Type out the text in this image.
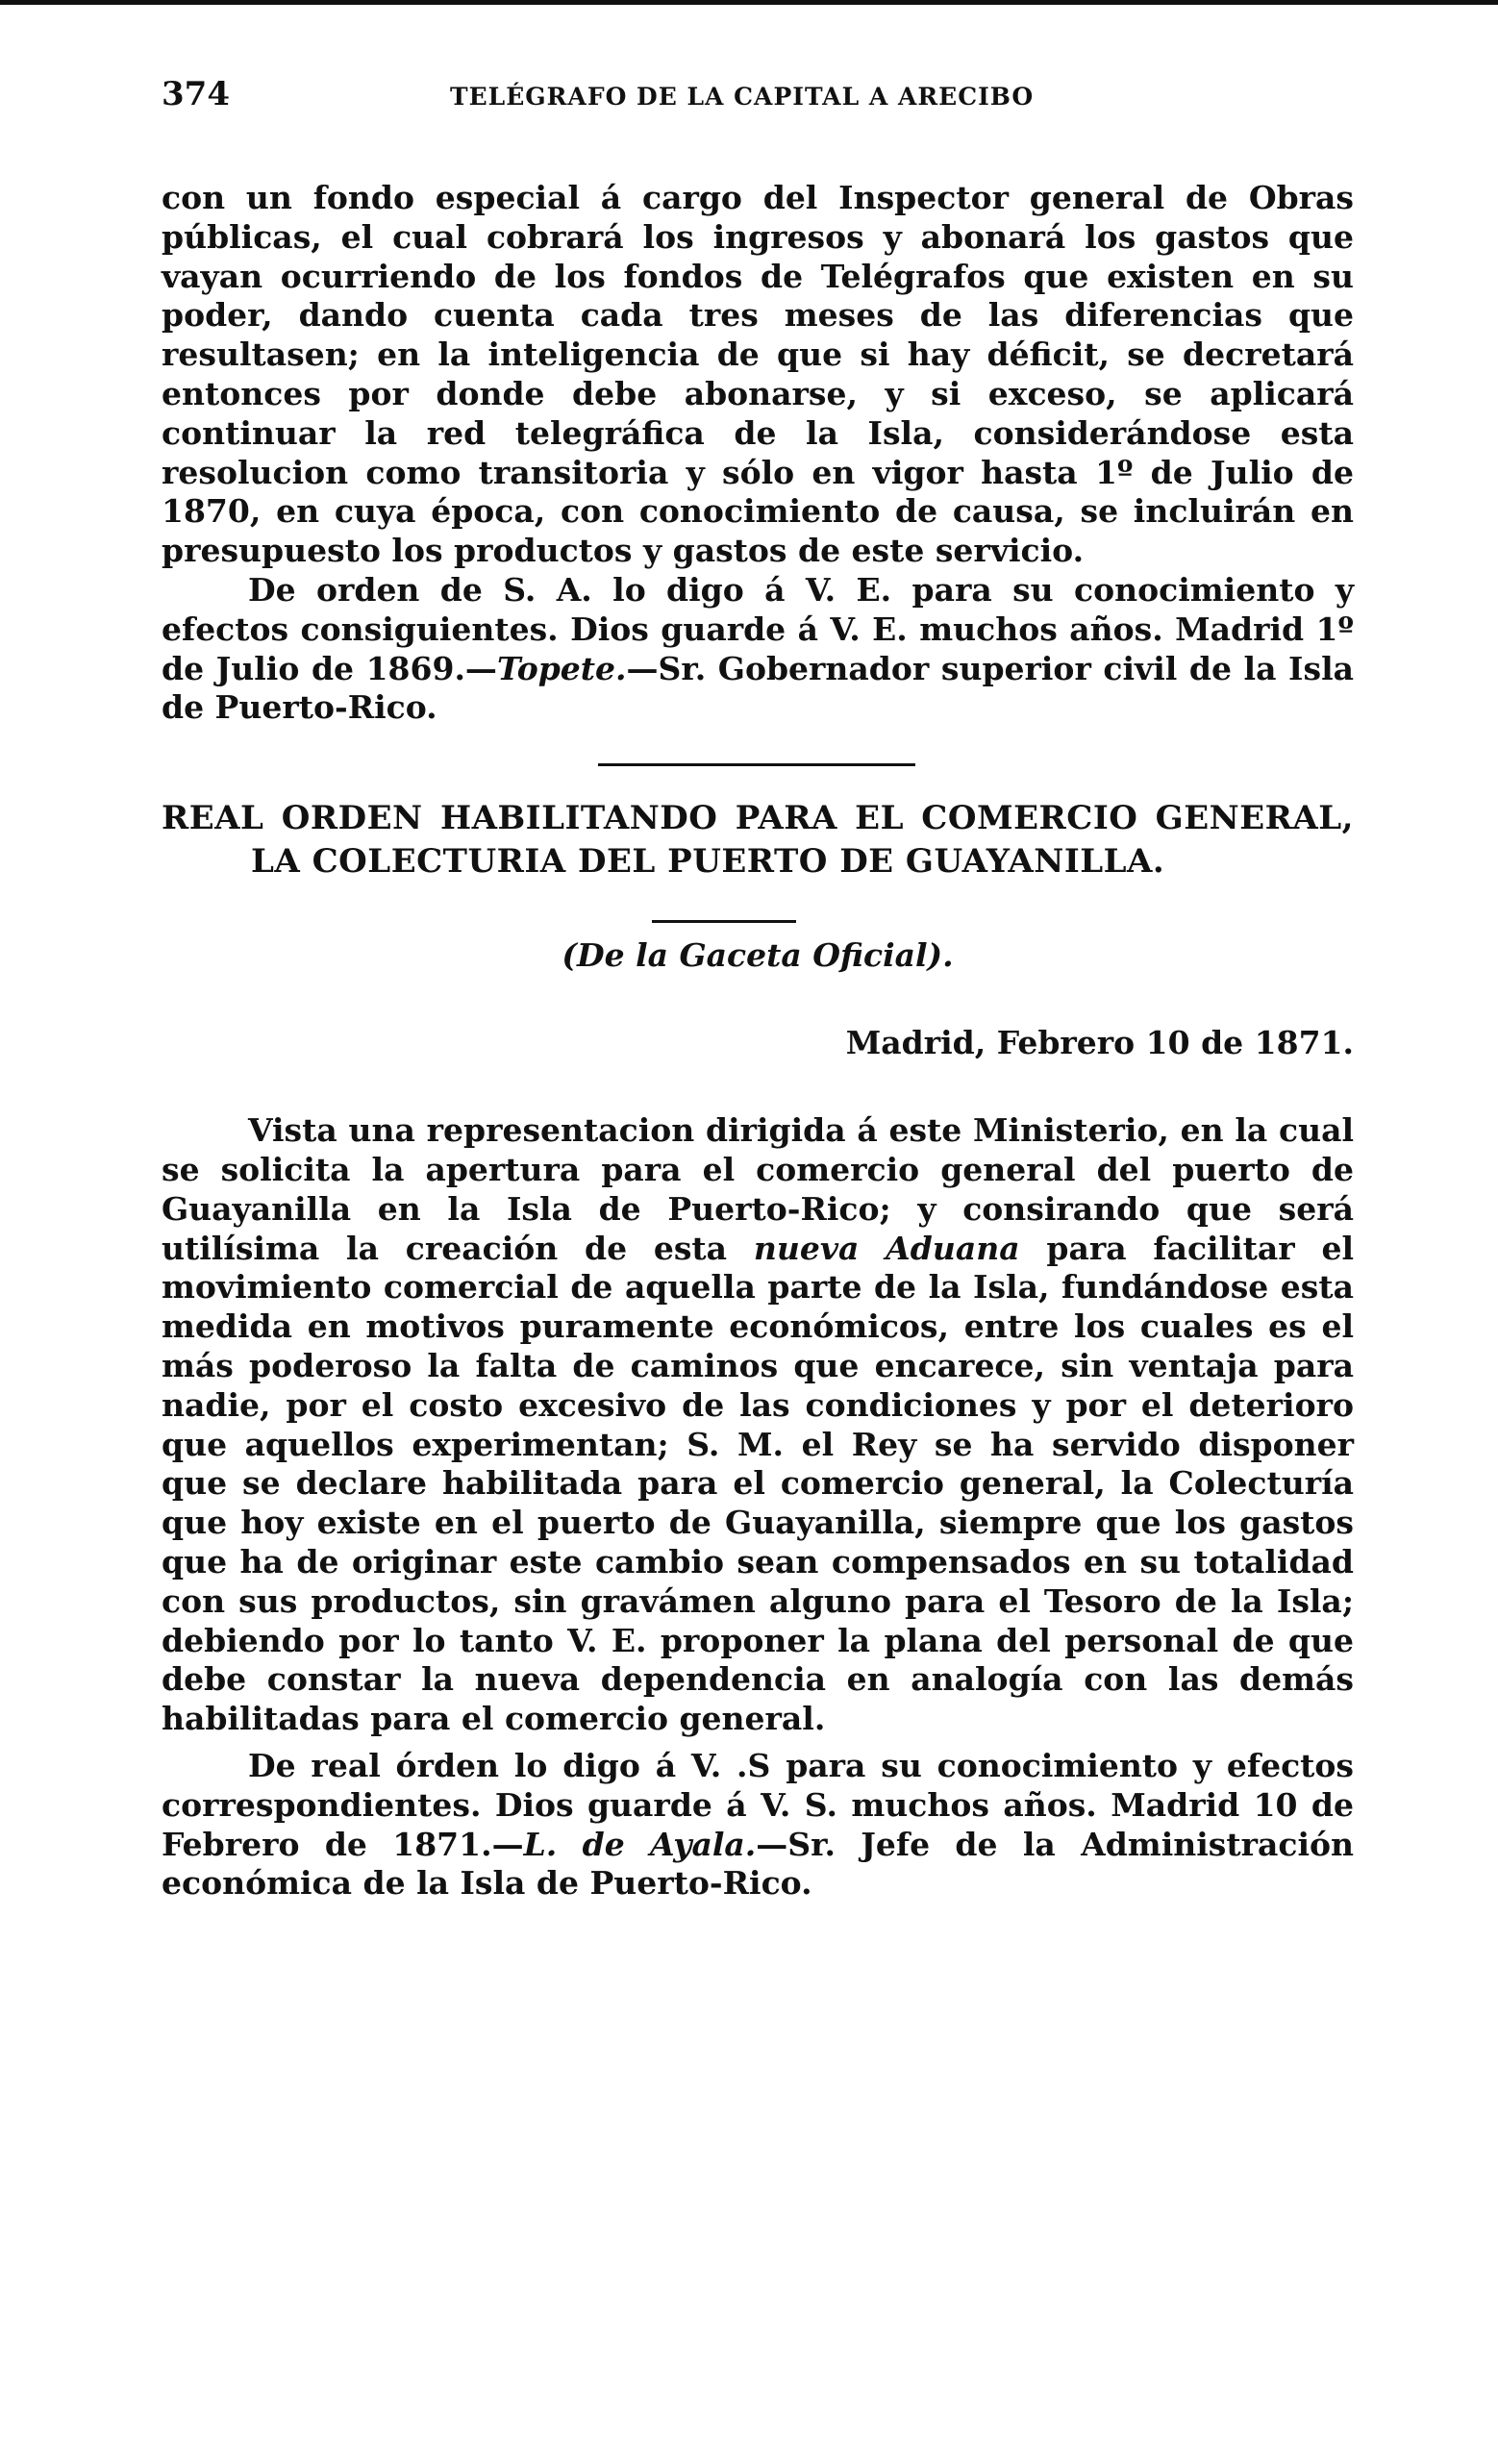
374	TELÉGRAFO DE LA CAPITAL A ARECIBO

con un fondo especial á cargo del Inspector general de Obras públicas, el cual cobrará los ingresos y abonará los gastos que vayan ocurriendo de los fondos de Telégrafos que existen en su poder, dando cuenta cada tres meses de las diferencias que resultasen; en la inteligencia de que si hay déficit, se decretará entonces por donde debe abonarse, y si exceso, se aplicará continuar la red telegráfica de la Isla, considerándose esta resolucion como transitoria y sólo en vigor hasta 1º de Julio de 1870, en cuya época, con conocimiento de causa, se incluirán en presupuesto los productos y gastos de este servicio.

De orden de S. A. lo digo á V. E. para su conocimiento y efectos consiguientes. Dios guarde á V. E. muchos años. Madrid 1º de Julio de 1869.—Topete.—Sr. Gobernador superior civil de la Isla de Puerto-Rico.

REAL ORDEN HABILITANDO PARA EL COMERCIO GENERAL, LA COLECTURIA DEL PUERTO DE GUAYANILLA.
(De la Gaceta Oficial).
Madrid, Febrero 10 de 1871.

Vista una representacion dirigida á este Ministerio, en la cual se solicita la apertura para el comercio general del puerto de Guayanilla en la Isla de Puerto-Rico; y consirando que será utilísima la creación de esta nueva Aduana para facilitar el movimiento comercial de aquella parte de la Isla, fundándose esta medida en motivos puramente económicos, entre los cuales es el más poderoso la falta de caminos que encarece, sin ventaja para nadie, por el costo excesivo de las condiciones y por el deterioro que aquellos experimentan; S. M. el Rey se ha servido disponer que se declare habilitada para el comercio general, la Colecturía que hoy existe en el puerto de Guayanilla, siempre que los gastos que ha de originar este cambio sean compensados en su totalidad con sus productos, sin gravámen alguno para el Tesoro de la Isla; debiendo por lo tanto V. E. proponer la plana del personal de que debe constar la nueva dependencia en analogía con las demás habilitadas para el comercio general.

De real órden lo digo á V. .S para su conocimiento y efectos correspondientes. Dios guarde á V. S. muchos años. Madrid 10 de Febrero de 1871.—L. de Ayala.—Sr. Jefe de la Administración económica de la Isla de Puerto-Rico.
